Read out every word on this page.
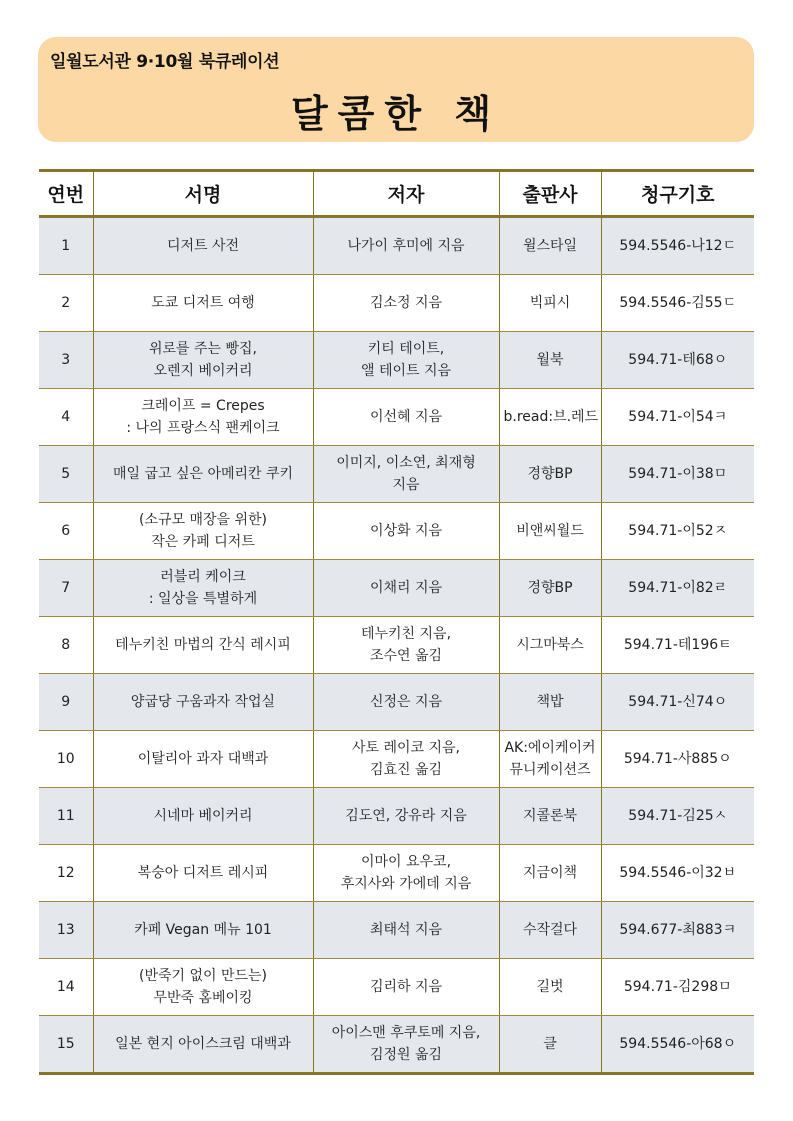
일월도서관 9·10월 북큐레이션
달콤한 책
연번	서명	저자	출판사	청구기호
1	디저트 사전	나가이 후미에 지음	윌스타일	594.5546-나12ㄷ
2	도쿄 디저트 여행	김소정 지음	빅피시	594.5546-김55ㄷ
3	위로를 주는 빵집,
오렌지 베이커리	키티 테이트,
앨 테이트 지음	월북	594.71-테68ㅇ
4	크레이프 = Crepes
: 나의 프랑스식 팬케이크	이선혜 지음	b.read:브.레드	594.71-이54ㅋ
5	매일 굽고 싶은 아메리칸 쿠키	이미지, 이소연, 최재형
지음	경향BP	594.71-이38ㅁ
6	(소규모 매장을 위한)
작은 카페 디저트	이상화 지음	비앤씨월드	594.71-이52ㅈ
7	러블리 케이크
: 일상을 특별하게	이채리 지음	경향BP	594.71-이82ㄹ
8	테누키친 마법의 간식 레시피	테누키친 지음,
조수연 옮김	시그마북스	594.71-테196ㅌ
9	양굽당 구움과자 작업실	신정은 지음	책밥	594.71-신74ㅇ
10	이탈리아 과자 대백과	사토 레이코 지음,
김효진 옮김	AK:에이케이커
뮤니케이션즈	594.71-사885ㅇ
11	시네마 베이커리	김도연, 강유라 지음	지콜론북	594.71-김25ㅅ
12	복숭아 디저트 레시피	이마이 요우코,
후지사와 가에데 지음	지금이책	594.5546-이32ㅂ
13	카페 Vegan 메뉴 101	최태석 지음	수작걸다	594.677-최883ㅋ
14	(반죽기 없이 만드는)
무반죽 홈베이킹	김리하 지음	길벗	594.71-김298ㅁ
15	일본 현지 아이스크림 대백과	아이스맨 후쿠토메 지음,
김정원 옮김	클	594.5546-아68ㅇ
